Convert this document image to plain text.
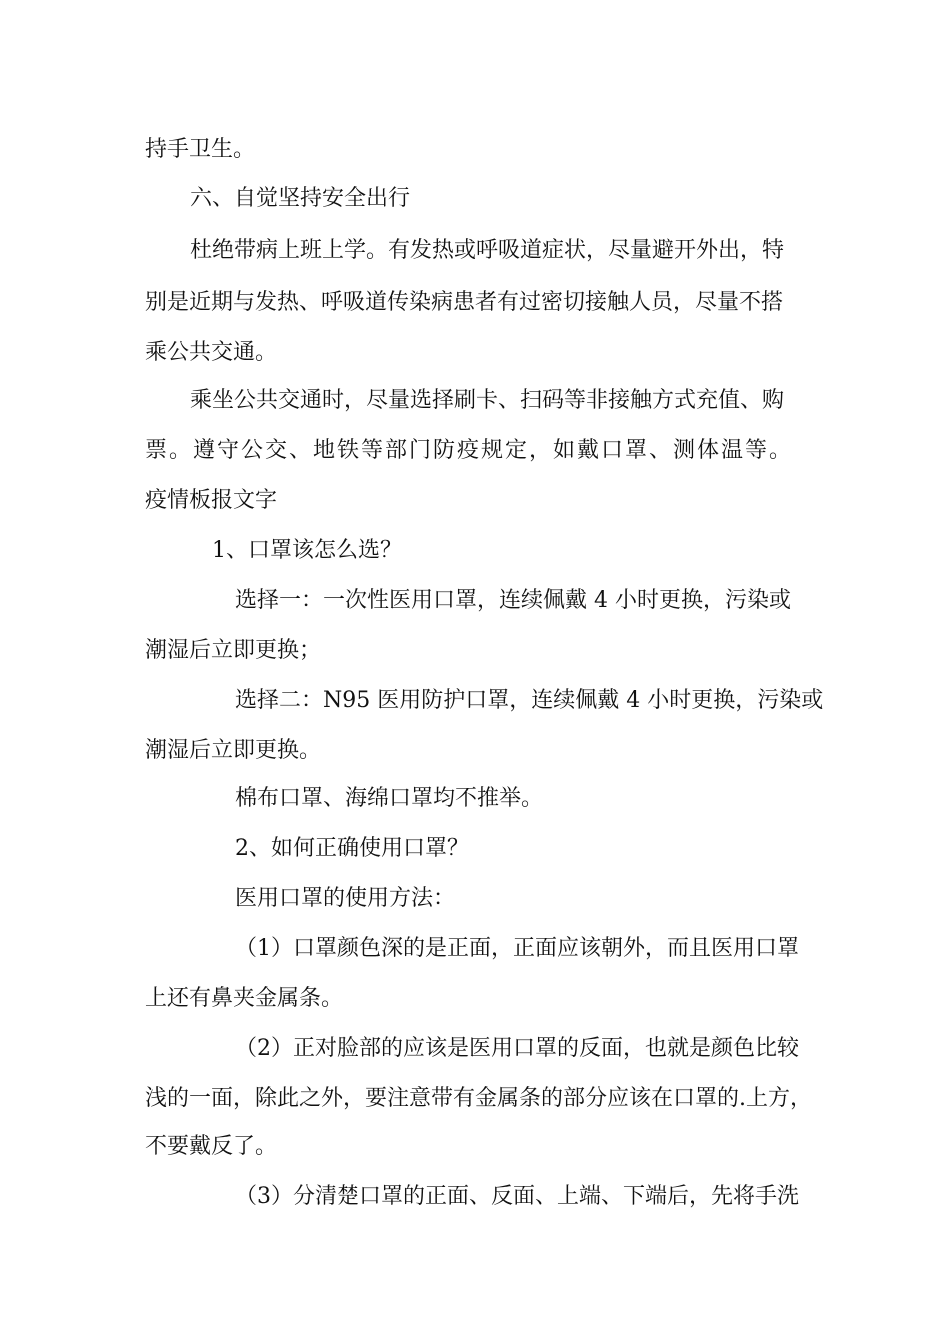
持手卫生。
六、自觉坚持安全出行
杜绝带病上班上学。有发热或呼吸道症状，尽量避开外出，特
别是近期与发热、呼吸道传染病患者有过密切接触人员，尽量不搭
乘公共交通。
乘坐公共交通时，尽量选择刷卡、扫码等非接触方式充值、购
票。遵守公交、地铁等部门防疫规定，如戴口罩、测体温等。
疫情板报文字
1、口罩该怎么选？
选择一：一次性医用口罩，连续佩戴 4 小时更换，污染或
潮湿后立即更换；
选择二：N95 医用防护口罩，连续佩戴 4 小时更换，污染或
潮湿后立即更换。
棉布口罩、海绵口罩均不推举。
2、如何正确使用口罩？
医用口罩的使用方法：
（1）口罩颜色深的是正面，正面应该朝外，而且医用口罩
上还有鼻夹金属条。
（2）正对脸部的应该是医用口罩的反面，也就是颜色比较
浅的一面，除此之外，要注意带有金属条的部分应该在口罩的.上方，
不要戴反了。
（3）分清楚口罩的正面、反面、上端、下端后，先将手洗
